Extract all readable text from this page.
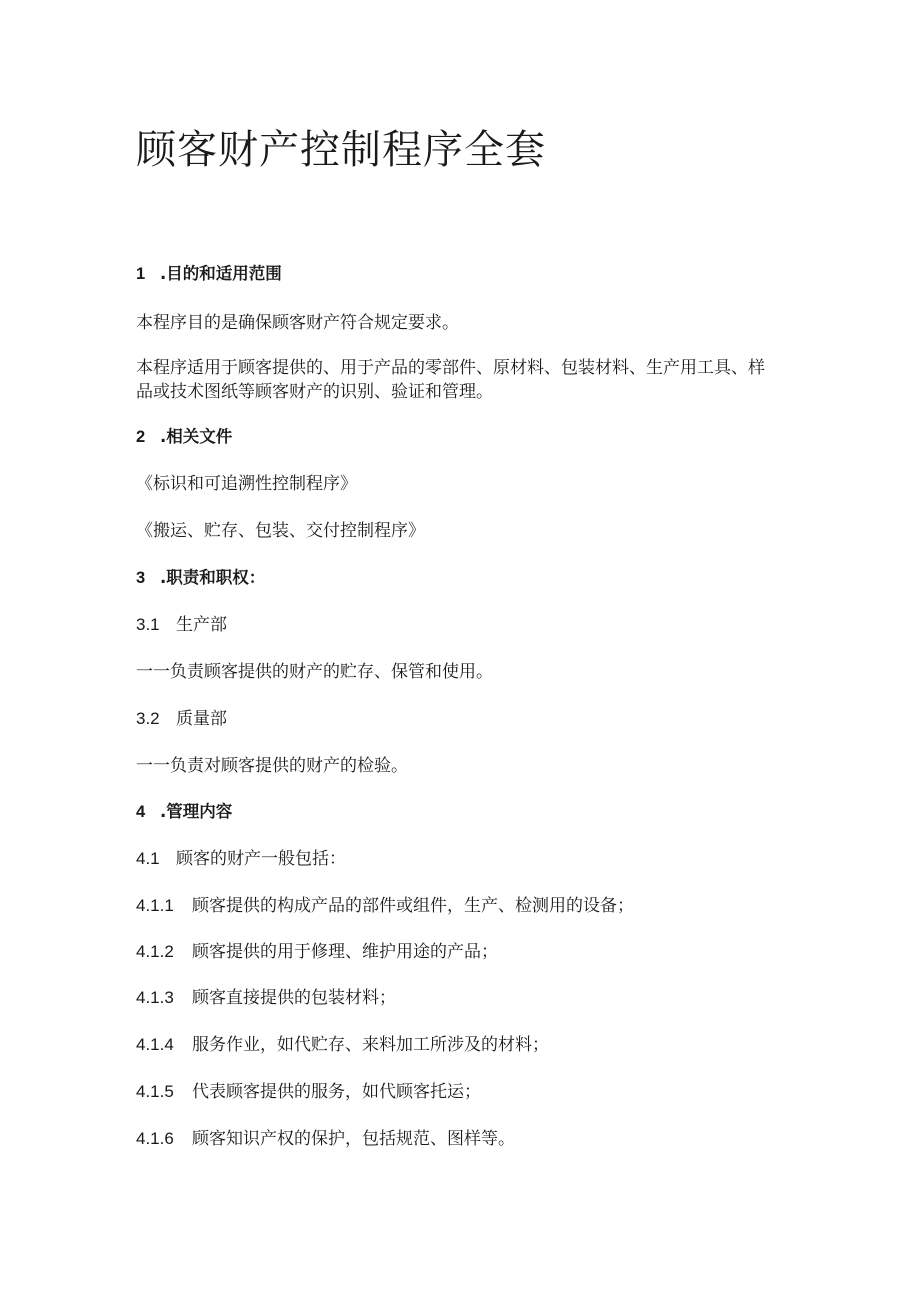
顾客财产控制程序全套
1 .目的和适用范围
本程序目的是确保顾客财产符合规定要求。
本程序适用于顾客提供的、用于产品的零部件、原材料、包装材料、生产用工具、样品或技术图纸等顾客财产的识别、验证和管理。
2 .相关文件
《标识和可追溯性控制程序》
《搬运、贮存、包装、交付控制程序》
3 .职责和职权：
3.1 生产部
一一负责顾客提供的财产的贮存、保管和使用。
3.2 质量部
一一负责对顾客提供的财产的检验。
4 .管理内容
4.1 顾客的财产一般包括：
4.1.1 顾客提供的构成产品的部件或组件，生产、检测用的设备；
4.1.2 顾客提供的用于修理、维护用途的产品；
4.1.3 顾客直接提供的包装材料；
4.1.4 服务作业，如代贮存、来料加工所涉及的材料；
4.1.5 代表顾客提供的服务，如代顾客托运；
4.1.6 顾客知识产权的保护，包括规范、图样等。
